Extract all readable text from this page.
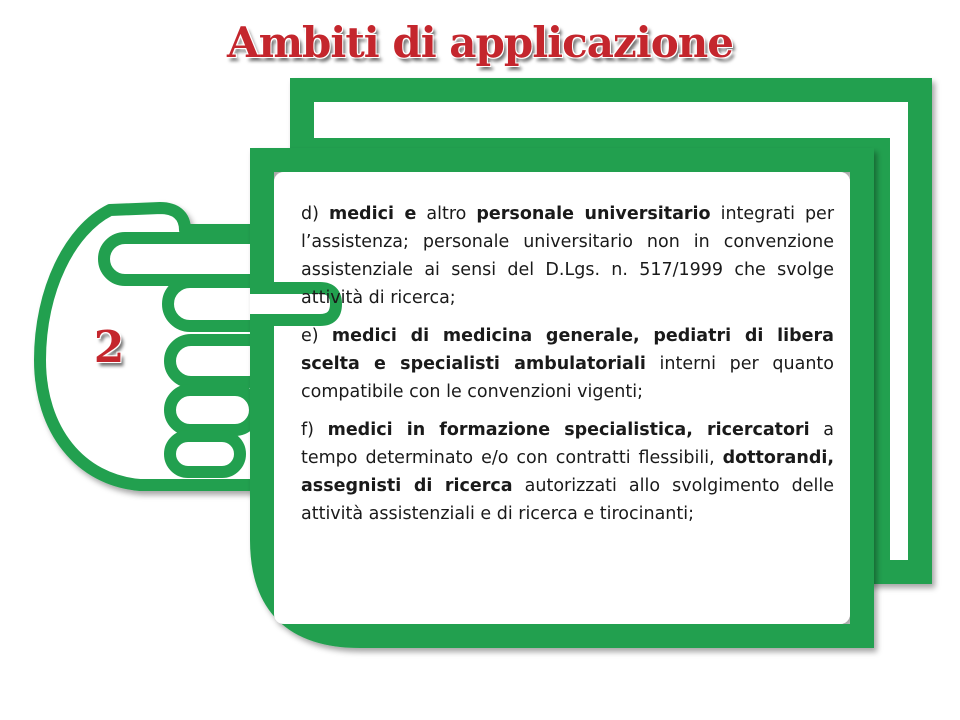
Ambiti di applicazione
2

d) medici e altro personale universitario integrati per l’assistenza; personale universitario non in convenzione assistenziale ai sensi del D.Lgs. n. 517/1999 che svolge attività di ricerca;

e) medici di medicina generale, pediatri di libera scelta e specialisti ambulatoriali interni per quanto compatibile con le convenzioni vigenti;

f) medici in formazione specialistica, ricercatori a tempo determinato e/o con contratti flessibili, dottorandi, assegnisti di ricerca autorizzati allo svolgimento delle attività assistenziali e di ricerca e tirocinanti;
